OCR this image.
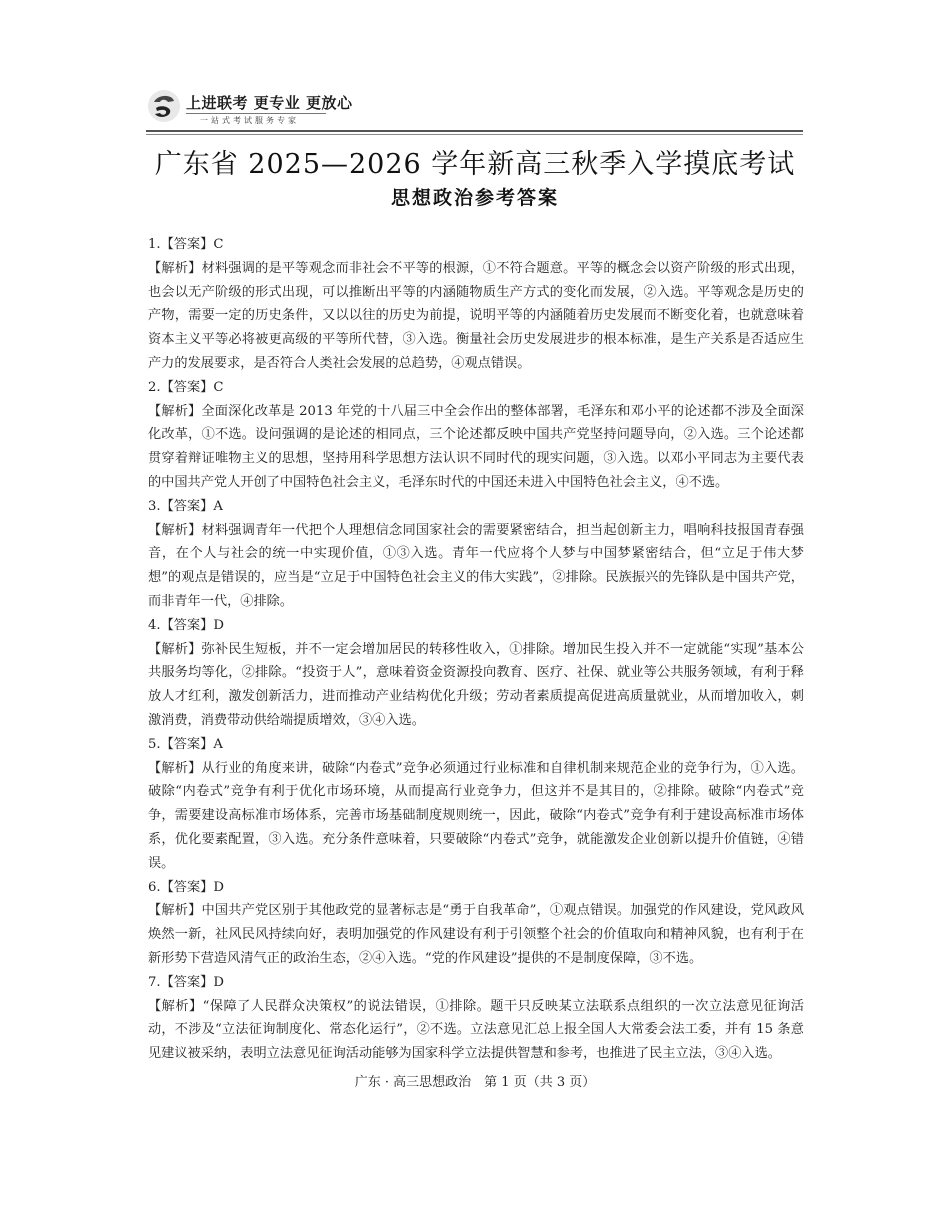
上进联考 更专业 更放心
一站式考试服务专家
广东省 2025—2026 学年新高三秋季入学摸底考试
思想政治参考答案

1.【答案】C

【解析】材料强调的是平等观念而非社会不平等的根源，①不符合题意。平等的概念会以资产阶级的形式出现，也会以无产阶级的形式出现，可以推断出平等的内涵随物质生产方式的变化而发展，②入选。平等观念是历史的产物，需要一定的历史条件，又以以往的历史为前提，说明平等的内涵随着历史发展而不断变化着，也就意味着资本主义平等必将被更高级的平等所代替，③入选。衡量社会历史发展进步的根本标准，是生产关系是否适应生产力的发展要求，是否符合人类社会发展的总趋势，④观点错误。

2.【答案】C

【解析】全面深化改革是 2013 年党的十八届三中全会作出的整体部署，毛泽东和邓小平的论述都不涉及全面深化改革，①不选。设问强调的是论述的相同点，三个论述都反映中国共产党坚持问题导向，②入选。三个论述都贯穿着辩证唯物主义的思想，坚持用科学思想方法认识不同时代的现实问题，③入选。以邓小平同志为主要代表的中国共产党人开创了中国特色社会主义，毛泽东时代的中国还未进入中国特色社会主义，④不选。

3.【答案】A

【解析】材料强调青年一代把个人理想信念同国家社会的需要紧密结合，担当起创新主力，唱响科技报国青春强音，在个人与社会的统一中实现价值，①③入选。青年一代应将个人梦与中国梦紧密结合，但“立足于伟大梦想”的观点是错误的，应当是“立足于中国特色社会主义的伟大实践”，②排除。民族振兴的先锋队是中国共产党，而非青年一代，④排除。

4.【答案】D

【解析】弥补民生短板，并不一定会增加居民的转移性收入，①排除。增加民生投入并不一定就能“实现”基本公共服务均等化，②排除。“投资于人”，意味着资金资源投向教育、医疗、社保、就业等公共服务领域，有利于释放人才红利，激发创新活力，进而推动产业结构优化升级；劳动者素质提高促进高质量就业，从而增加收入，刺激消费，消费带动供给端提质增效，③④入选。

5.【答案】A

【解析】从行业的角度来讲，破除“内卷式”竞争必须通过行业标准和自律机制来规范企业的竞争行为，①入选。破除“内卷式”竞争有利于优化市场环境，从而提高行业竞争力，但这并不是其目的，②排除。破除“内卷式”竞争，需要建设高标准市场体系，完善市场基础制度规则统一，因此，破除“内卷式”竞争有利于建设高标准市场体系，优化要素配置，③入选。充分条件意味着，只要破除“内卷式”竞争，就能激发企业创新以提升价值链，④错误。

6.【答案】D

【解析】中国共产党区别于其他政党的显著标志是“勇于自我革命”，①观点错误。加强党的作风建设，党风政风焕然一新，社风民风持续向好，表明加强党的作风建设有利于引领整个社会的价值取向和精神风貌，也有利于在新形势下营造风清气正的政治生态，②④入选。“党的作风建设”提供的不是制度保障，③不选。

7.【答案】D

【解析】“保障了人民群众决策权”的说法错误，①排除。题干只反映某立法联系点组织的一次立法意见征询活动，不涉及“立法征询制度化、常态化运行”，②不选。立法意见汇总上报全国人大常委会法工委，并有 15 条意见建议被采纳，表明立法意见征询活动能够为国家科学立法提供智慧和参考，也推进了民主立法，③④入选。

广东 · 高三思想政治　第 1 页（共 3 页）
